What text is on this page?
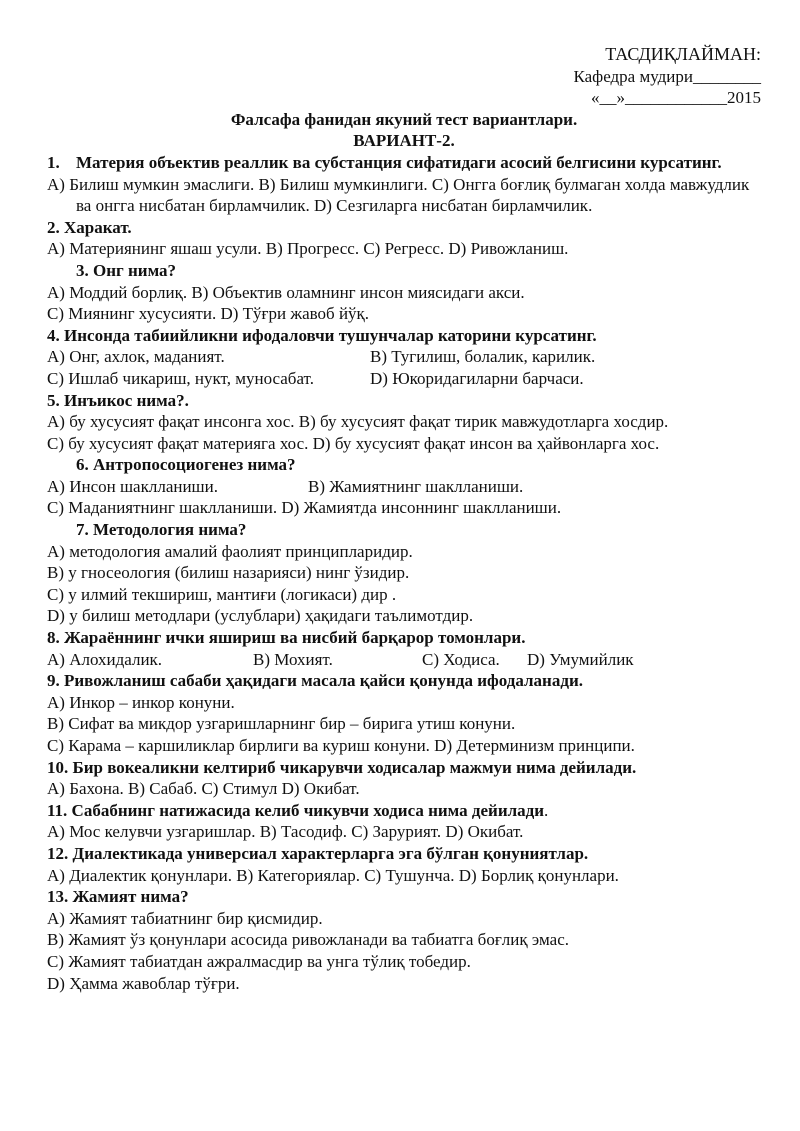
ТАСДИҚЛАЙМАН:
Кафедра мудири________
«__»____________2015
Фалсафа фанидан якуний тест вариантлари.
ВАРИАНТ-2.
1. Материя объектив реаллик ва субстанция сифатидаги асосий белгисини курсатинг.
A) Билиш мумкин эмаслиги. B) Билиш мумкинлиги. C) Онгга боғлиқ булмаган холда мавжудлик ва онгга нисбатан бирламчилик. D) Сезгиларга нисбатан бирламчилик.
2. Харакат.
A) Материянинг яшаш усули. B) Прогресс. C) Регресс. D) Ривожланиш.
3. Онг нима?
A) Моддий борлиқ. B) Объектив оламнинг инсон миясидаги акси.
C) Миянинг хусусияти. D) Тўғри жавоб йўқ.
4. Инсонда табиийликни ифодаловчи тушунчалар каторини курсатинг.
A) Онг, ахлок, маданият.	B) Тугилиш, болалик, карилик.
C) Ишлаб чикариш, нукт, муносабат.	D) Юкоридагиларни барчаси.
5. Инъикос нима?.
A) бу хусусият фақат инсонга хос. B) бу хусусият фақат тирик мавжудотларга хосдир.
C) бу хусусият фақат материяга хос. D) бу хусусият фақат инсон ва ҳайвонларга хос.
6. Антропосоциогенез нима?
A) Инсон шаклланиши.	B) Жамиятнинг шаклланиши.
C) Маданиятнинг шаклланиши. D) Жамиятда инсоннинг шаклланиши.
7. Методология нима?
A) методология амалий фаолият принципларидир.
B) у гносеология (билиш назарияси) нинг ўзидир.
C) у илмий текшириш, мантиғи (логикаси) дир .
D) у билиш методлари (услублари) ҳақидаги таълимотдир.
8. Жараённинг ички яшириш ва нисбий барқарор томонлари.
A) Алохидалик.	B) Мохият.	C) Ходиса.	D) Умумийлик
9. Ривожланиш сабаби ҳақидаги масала қайси қонунда ифодаланади.
A) Инкор – инкор конуни.
B) Сифат ва микдор узгаришларнинг бир – бирига утиш конуни.
C) Карама – каршиликлар бирлиги ва куриш конуни. D) Детерминизм принципи.
10. Бир вокеаликни келтириб чикарувчи ходисалар мажмуи нима дейилади.
A) Бахона. B) Сабаб. C) Стимул D) Окибат.
11. Сабабнинг натижасида келиб чикувчи ходиса нима дейилади.
A) Мос келувчи узгаришлар. B) Тасодиф. C) Зарурият. D) Окибат.
12. Диалектикада универсиал характерларга эга бўлган қонуниятлар.
A) Диалектик қонунлари. B) Категориялар. C) Тушунча. D) Борлиқ қонунлари.
13. Жамият нима?
A) Жамият табиатнинг бир қисмидир.
B) Жамият ўз қонунлари асосида ривожланади ва табиатга боғлиқ эмас.
C) Жамият табиатдан ажралмасдир ва унга тўлиқ тобедир.
D) Ҳамма жавоблар тўғри.
